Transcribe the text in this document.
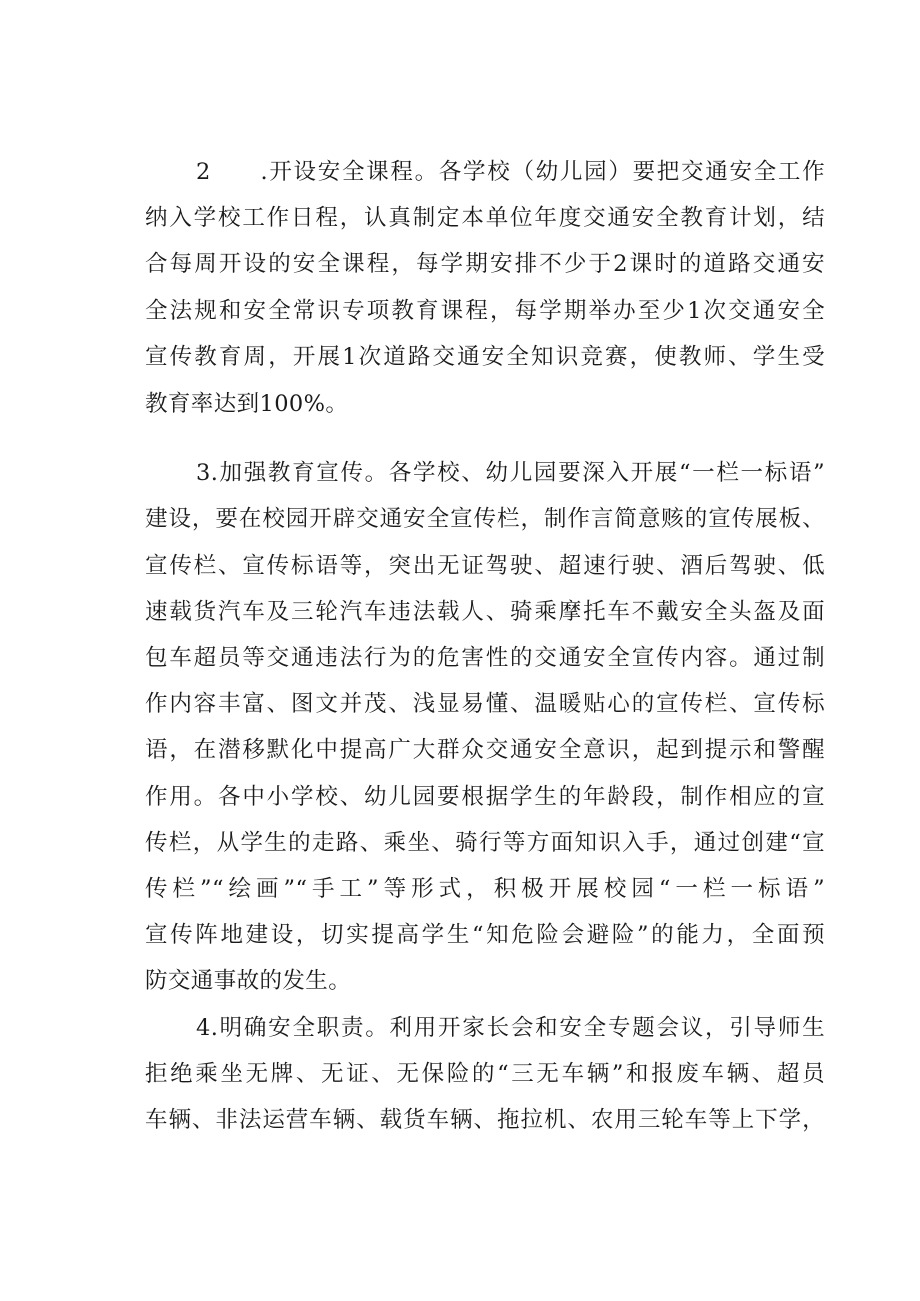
2　　.开设安全课程。各学校（幼儿园）要把交通安全工作
纳入学校工作日程，认真制定本单位年度交通安全教育计划，结
合每周开设的安全课程，每学期安排不少于2课时的道路交通安
全法规和安全常识专项教育课程，每学期举办至少1次交通安全
宣传教育周，开展1次道路交通安全知识竞赛，使教师、学生受
教育率达到100%。
3.加强教育宣传。各学校、幼儿园要深入开展“一栏一标语”
建设，要在校园开辟交通安全宣传栏，制作言简意赅的宣传展板、
宣传栏、宣传标语等，突出无证驾驶、超速行驶、酒后驾驶、低
速载货汽车及三轮汽车违法载人、骑乘摩托车不戴安全头盔及面
包车超员等交通违法行为的危害性的交通安全宣传内容。通过制
作内容丰富、图文并茂、浅显易懂、温暖贴心的宣传栏、宣传标
语，在潜移默化中提高广大群众交通安全意识，起到提示和警醒
作用。各中小学校、幼儿园要根据学生的年龄段，制作相应的宣
传栏，从学生的走路、乘坐、骑行等方面知识入手，通过创建“宣
传栏”“绘画”“手工”等形式，积极开展校园“一栏一标语”
宣传阵地建设，切实提高学生“知危险会避险”的能力，全面预
防交通事故的发生。
4.明确安全职责。利用开家长会和安全专题会议，引导师生
拒绝乘坐无牌、无证、无保险的“三无车辆”和报废车辆、超员
车辆、非法运营车辆、载货车辆、拖拉机、农用三轮车等上下学，
